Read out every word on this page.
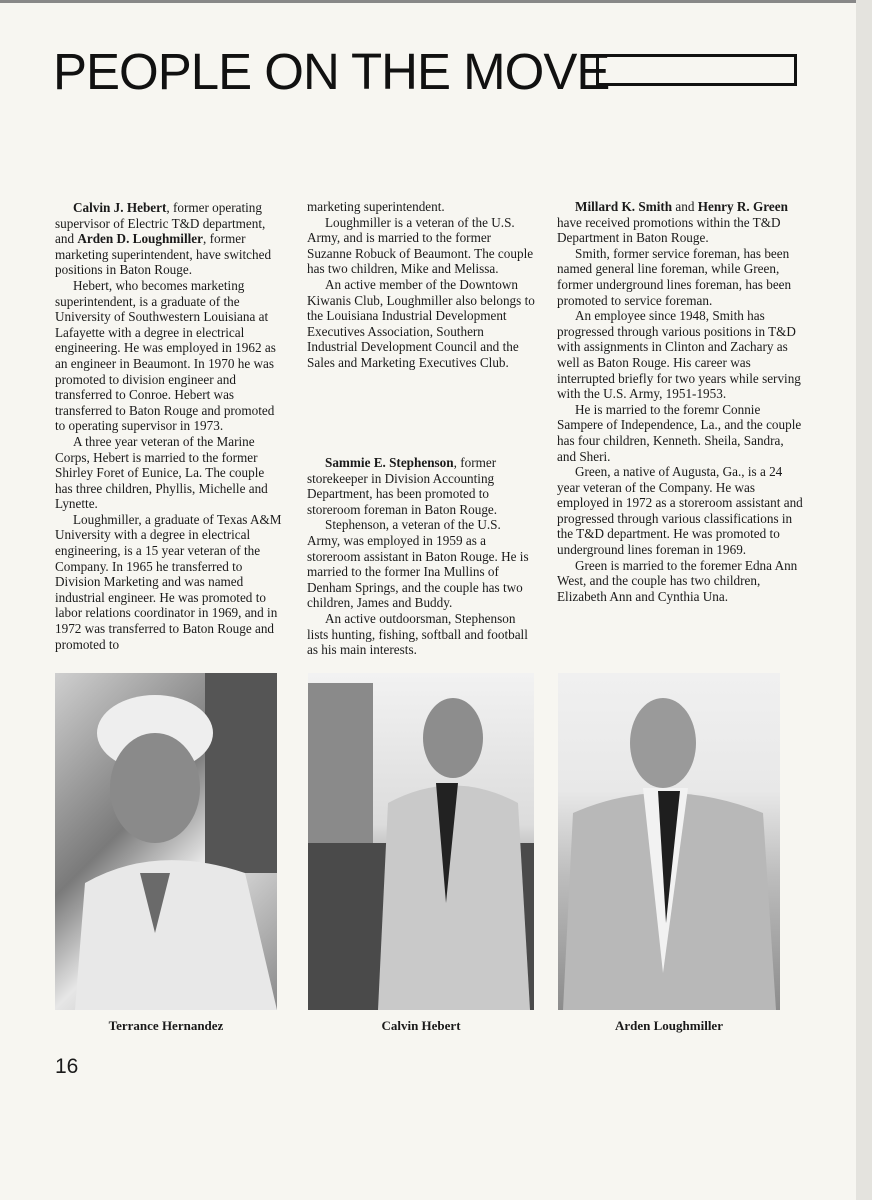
PEOPLE ON THE MOVE

Calvin J. Hebert, former operating supervisor of Electric T&D department, and Arden D. Loughmiller, former marketing superintendent, have switched positions in Baton Rouge.

Hebert, who becomes marketing superintendent, is a graduate of the University of Southwestern Louisiana at Lafayette with a degree in electrical engineering. He was employed in 1962 as an engineer in Beaumont. In 1970 he was promoted to division engineer and transferred to Conroe. Hebert was transferred to Baton Rouge and promoted to operating supervisor in 1973.

A three year veteran of the Marine Corps, Hebert is married to the former Shirley Foret of Eunice, La. The couple has three children, Phyllis, Michelle and Lynette.

Loughmiller, a graduate of Texas A&M University with a degree in electrical engineering, is a 15 year veteran of the Company. In 1965 he transferred to Division Marketing and was named industrial engineer. He was promoted to labor relations coordinator in 1969, and in 1972 was transferred to Baton Rouge and promoted to

marketing superintendent.

Loughmiller is a veteran of the U.S. Army, and is married to the former Suzanne Robuck of Beaumont. The couple has two children, Mike and Melissa.

An active member of the Downtown Kiwanis Club, Loughmiller also belongs to the Louisiana Industrial Development Executives Association, Southern Industrial Development Council and the Sales and Marketing Executives Club.

Sammie E. Stephenson, former storekeeper in Division Accounting Department, has been promoted to storeroom foreman in Baton Rouge.

Stephenson, a veteran of the U.S. Army, was employed in 1959 as a storeroom assistant in Baton Rouge. He is married to the former Ina Mullins of Denham Springs, and the couple has two children, James and Buddy.

An active outdoorsman, Stephenson lists hunting, fishing, softball and football as his main interests.

Millard K. Smith and Henry R. Green have received promotions within the T&D Department in Baton Rouge.

Smith, former service foreman, has been named general line foreman, while Green, former underground lines foreman, has been promoted to service foreman.

An employee since 1948, Smith has progressed through various positions in T&D with assignments in Clinton and Zachary as well as Baton Rouge. His career was interrupted briefly for two years while serving with the U.S. Army, 1951-1953.

He is married to the foremr Connie Sampere of Independence, La., and the couple has four children, Kenneth. Sheila, Sandra, and Sheri.

Green, a native of Augusta, Ga., is a 24 year veteran of the Company. He was employed in 1972 as a storeroom assistant and progressed through various classifications in the T&D department. He was promoted to underground lines foreman in 1969.

Green is married to the foremer Edna Ann West, and the couple has two children, Elizabeth Ann and Cynthia Una.

Terrance Hernandez	Calvin Hebert	Arden Loughmiller
16
